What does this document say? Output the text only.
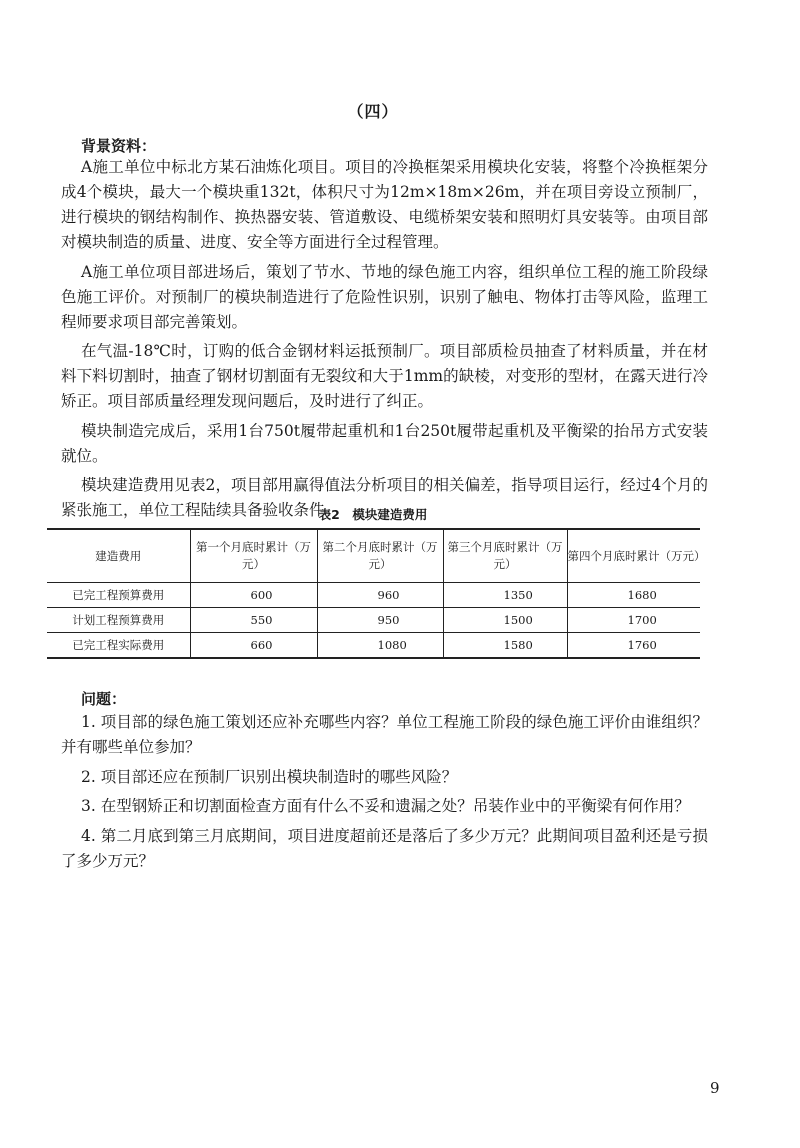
（四）
背景资料：

A施工单位中标北方某石油炼化项目。项目的冷换框架采用模块化安装，将整个冷换框架分成4个模块，最大一个模块重132t，体积尺寸为12m×18m×26m，并在项目旁设立预制厂，进行模块的钢结构制作、换热器安装、管道敷设、电缆桥架安装和照明灯具安装等。由项目部对模块制造的质量、进度、安全等方面进行全过程管理。

A施工单位项目部进场后，策划了节水、节地的绿色施工内容，组织单位工程的施工阶段绿色施工评价。对预制厂的模块制造进行了危险性识别，识别了触电、物体打击等风险，监理工程师要求项目部完善策划。

在气温-18℃时，订购的低合金钢材料运抵预制厂。项目部质检员抽查了材料质量，并在材料下料切割时，抽查了钢材切割面有无裂纹和大于1mm的缺棱，对变形的型材，在露天进行冷矫正。项目部质量经理发现问题后，及时进行了纠正。

模块制造完成后，采用1台750t履带起重机和1台250t履带起重机及平衡梁的抬吊方式安装就位。

模块建造费用见表2，项目部用赢得值法分析项目的相关偏差，指导项目运行，经过4个月的紧张施工，单位工程陆续具备验收条件。

表2　模块建造费用
建造费用	第一个月底时累计（万元）	第二个月底时累计（万元）	第三个月底时累计（万元）	第四个月底时累计（万元）
已完工程预算费用	600	960	1350	1680
计划工程预算费用	550	950	1500	1700
已完工程实际费用	660	1080	1580	1760
问题：

1. 项目部的绿色施工策划还应补充哪些内容？单位工程施工阶段的绿色施工评价由谁组织？并有哪些单位参加？

2. 项目部还应在预制厂识别出模块制造时的哪些风险？

3. 在型钢矫正和切割面检查方面有什么不妥和遗漏之处？吊装作业中的平衡梁有何作用？

4. 第二月底到第三月底期间，项目进度超前还是落后了多少万元？此期间项目盈利还是亏损了多少万元？

9
